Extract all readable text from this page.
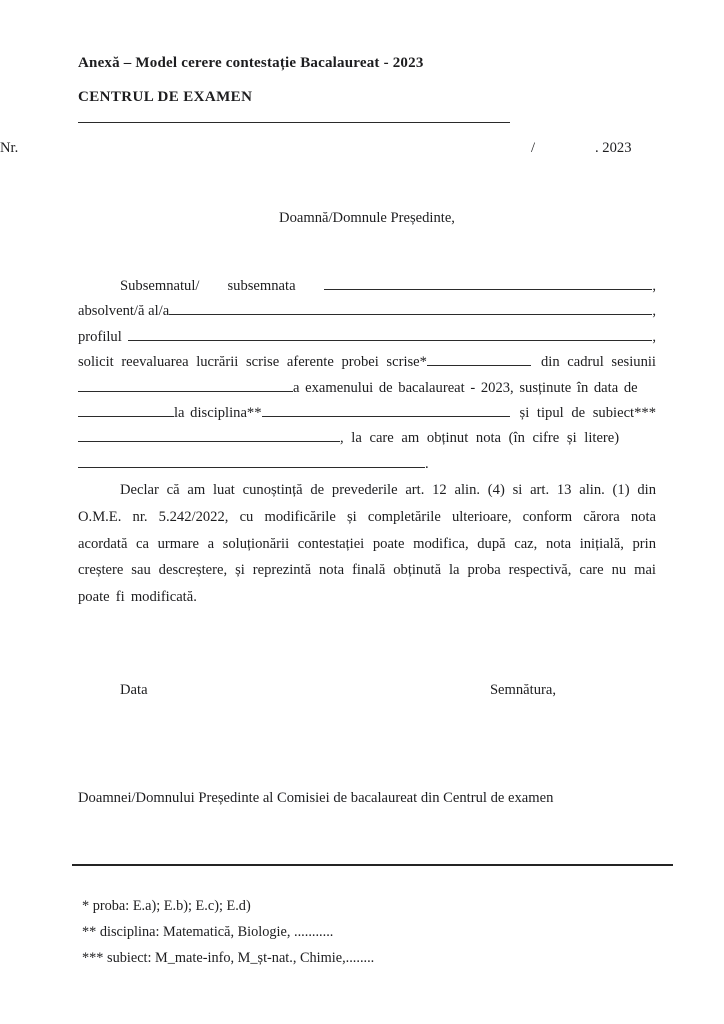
Anexă – Model cerere contestație Bacalaureat - 2023
CENTRUL DE EXAMEN
Nr.	/	. 2023
Doamnă/Domnule Președinte,
Subsemnatul/ subsemnata	,
absolvent/ă al/a	,
profilul	,
solicit reevaluarea lucrării scrise aferente probei scrise*	din cadrul sesiunii
a examenului de bacalaureat - 2023, susținute în data de
la disciplina**	și tipul de subiect***
, la care am obținut nota (în cifre și litere)
.
Declar că am luat cunoștință de prevederile art. 12 alin. (4) si art. 13 alin. (1) din O.M.E. nr. 5.242/2022, cu modificările și completările ulterioare, conform cărora nota acordată ca urmare a soluționării contestației poate modifica, după caz, nota inițială, prin creștere sau descreștere, și reprezintă nota finală obținută la proba respectivă, care nu mai poate fi modificată.
Data	Semnătura,
Doamnei/Domnului Președinte al Comisiei de bacalaureat din Centrul de examen
* proba: E.a); E.b); E.c); E.d)
** disciplina: Matematică, Biologie, ...........
*** subiect: M_mate-info, M_șt-nat., Chimie,........
